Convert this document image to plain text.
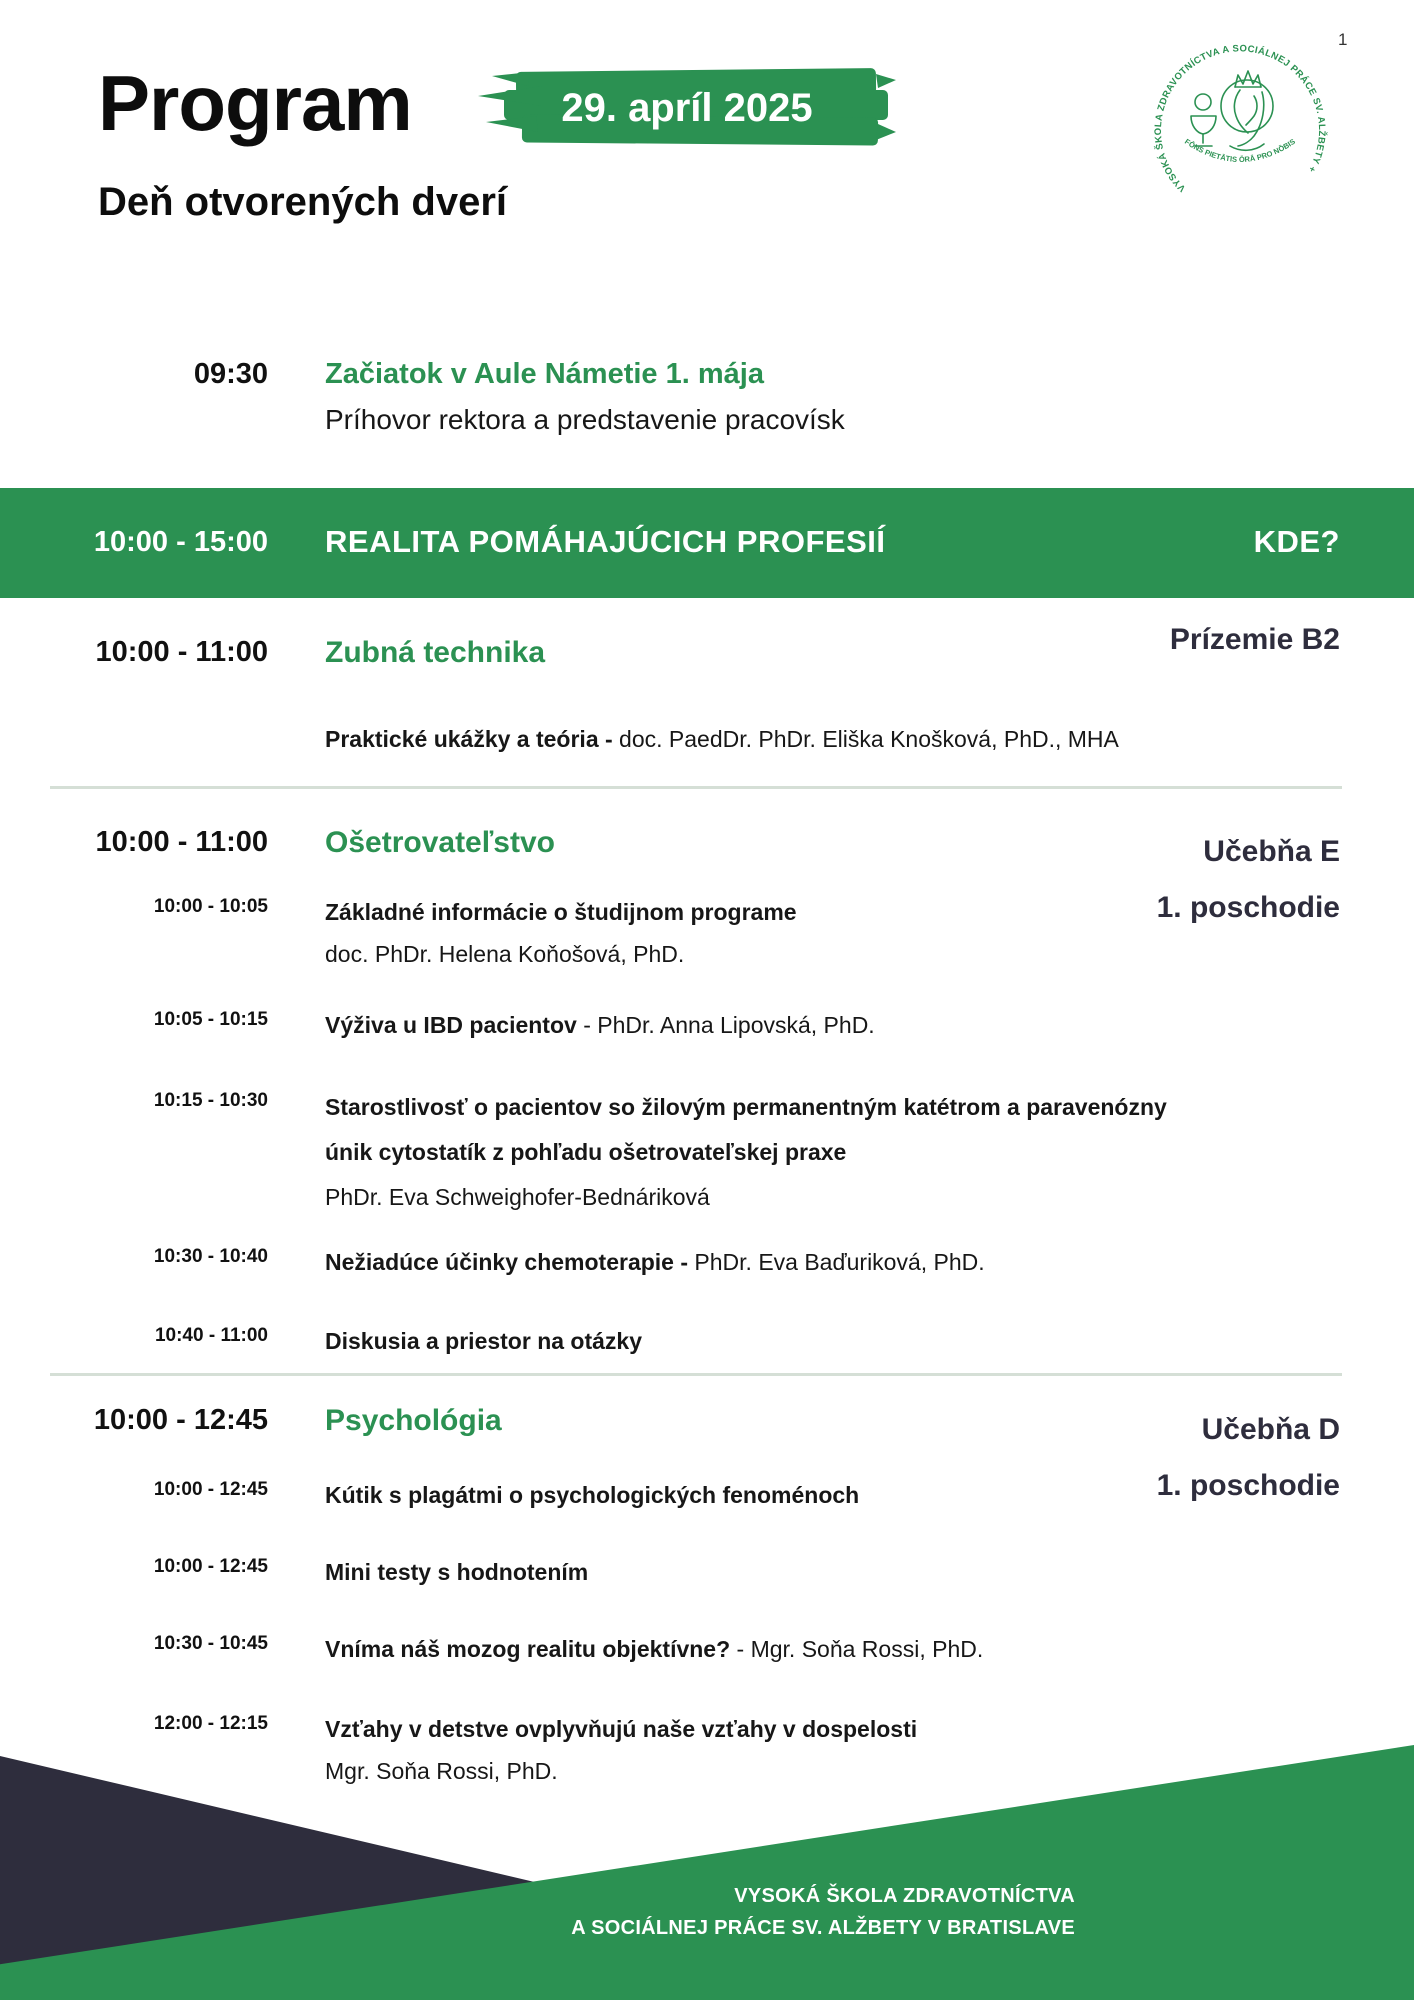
1
Program	29. apríl 2025
VYSOKÁ ŠKOLA ZDRAVOTNÍCTVA A SOCIÁLNEJ PRÁCE SV. ALŽBETY +
FŌNS PIETĀTIS ŌRĀ PRO NŌBIS
Deň otvorených dverí
09:30 Začiatok v Aule Námetie 1. mája
Príhovor rektora a predstavenie pracovísk
10:00 - 15:00 REALITA POMÁHAJÚCICH PROFESIÍ	KDE?
Prízemie B2
10:00 - 11:00 Zubná technika
Praktické ukážky a teória - doc. PaedDr. PhDr. Eliška Knošková, PhD., MHA
Učebňa E
1. poschodie
10:00 - 11:00 Ošetrovateľstvo
10:00 - 10:05 Základné informácie o študijnom programe
doc. PhDr. Helena Koňošová, PhD.
10:05 - 10:15 Výživa u IBD pacientov - PhDr. Anna Lipovská, PhD.
10:15 - 10:30 Starostlivosť o pacientov so žilovým permanentným katétrom a paravenózny únik cytostatík z pohľadu ošetrovateľskej praxe
PhDr. Eva Schweighofer-Bednáriková
10:30 - 10:40 Nežiadúce účinky chemoterapie - PhDr. Eva Baďuriková, PhD.
10:40 - 11:00 Diskusia a priestor na otázky
Učebňa D
1. poschodie
10:00 - 12:45 Psychológia
10:00 - 12:45 Kútik s plagátmi o psychologických fenoménoch
10:00 - 12:45 Mini testy s hodnotením
10:30 - 10:45 Vníma náš mozog realitu objektívne? - Mgr. Soňa Rossi, PhD.
12:00 - 12:15 Vzťahy v detstve ovplyvňujú naše vzťahy v dospelosti
Mgr. Soňa Rossi, PhD.
VYSOKÁ ŠKOLA ZDRAVOTNÍCTVA
A SOCIÁLNEJ PRÁCE SV. ALŽBETY V BRATISLAVE
